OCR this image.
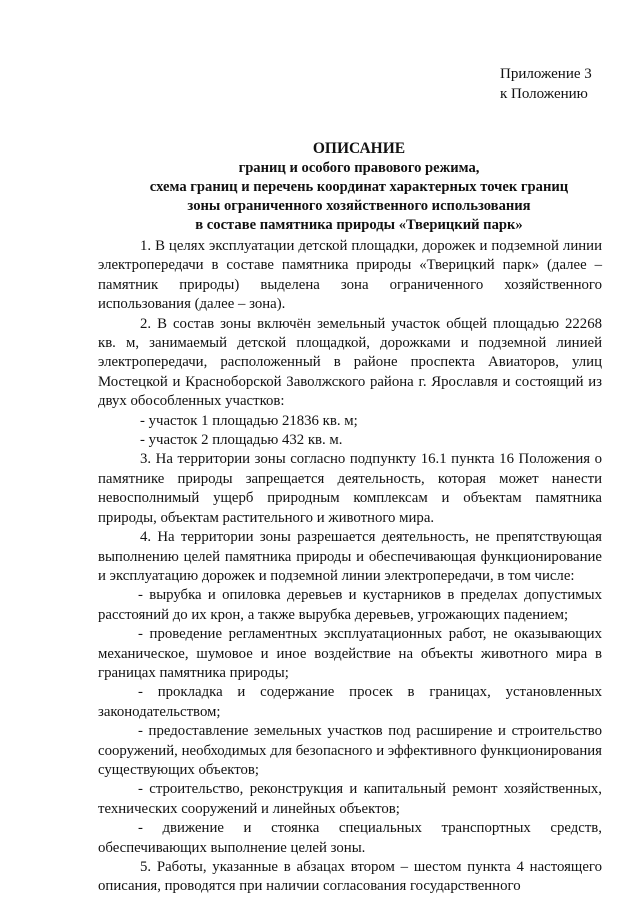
Приложение 3
к Положению
ОПИСАНИЕ
границ и особого правового режима,
схема границ и перечень координат характерных точек границ
зоны ограниченного хозяйственного использования
в составе памятника природы «Тверицкий парк»

1. В целях эксплуатации детской площадки, дорожек и подземной линии электропередачи в составе памятника природы «Тверицкий парк» (далее – памятник природы) выделена зона ограниченного хозяйственного использования (далее – зона).

2. В состав зоны включён земельный участок общей площадью 22268 кв. м, занимаемый детской площадкой, дорожками и подземной линией электропередачи, расположенный в районе проспекта Авиаторов, улиц Мостецкой и Красноборской Заволжского района г. Ярославля и состоящий из двух обособленных участков:

- участок 1 площадью 21836 кв. м;

- участок 2 площадью 432 кв. м.

3. На территории зоны согласно подпункту 16.1 пункта 16 Положения о памятнике природы запрещается деятельность, которая может нанести невосполнимый ущерб природным комплексам и объектам памятника природы, объектам растительного и животного мира.

4. На территории зоны разрешается деятельность, не препятствующая выполнению целей памятника природы и обеспечивающая функционирование и эксплуатацию дорожек и подземной линии электропередачи, в том числе:

- вырубка и опиловка деревьев и кустарников в пределах допустимых расстояний до их крон, а также вырубка деревьев, угрожающих падением;

- проведение регламентных эксплуатационных работ, не оказывающих механическое, шумовое и иное воздействие на объекты животного мира в границах памятника природы;

- прокладка и содержание просек в границах, установленных законодательством;

- предоставление земельных участков под расширение и строительство сооружений, необходимых для безопасного и эффективного функционирования существующих объектов;

- строительство, реконструкция и капитальный ремонт хозяйственных, технических сооружений и линейных объектов;

- движение и стоянка специальных транспортных средств, обеспечивающих выполнение целей зоны.

5. Работы, указанные в абзацах втором – шестом пункта 4 настоящего описания, проводятся при наличии согласования государственного
